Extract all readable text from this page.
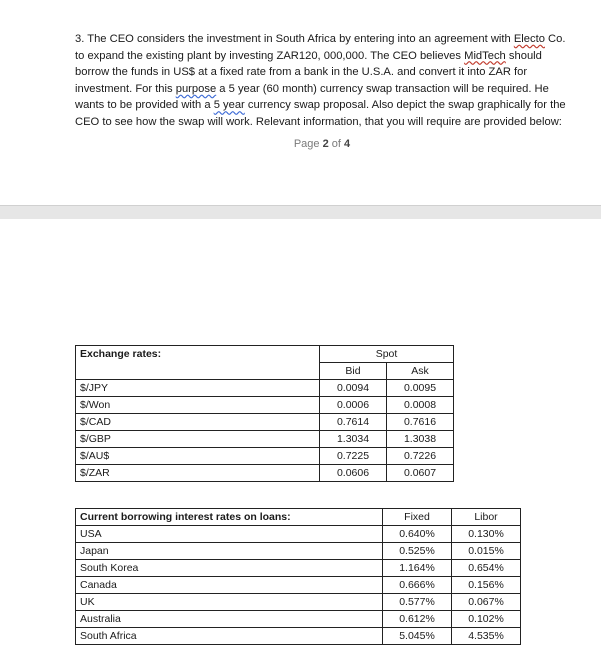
3. The CEO considers the investment in South Africa by entering into an agreement with Electo Co. to expand the existing plant by investing ZAR120, 000,000. The CEO believes MidTech should borrow the funds in US$ at a fixed rate from a bank in the U.S.A. and convert it into ZAR for investment. For this purpose a 5 year (60 month) currency swap transaction will be required. He wants to be provided with a 5 year currency swap proposal. Also depict the swap graphically for the CEO to see how the swap will work. Relevant information, that you will require are provided below:

Page 2 of 4
Exchange rates:	Spot	
	Bid	Ask
$/JPY	0.0094	0.0095
$/Won	0.0006	0.0008
$/CAD	0.7614	0.7616
$/GBP	1.3034	1.3038
$/AU$	0.7225	0.7226
$/ZAR	0.0606	0.0607
Current borrowing interest rates on loans:	Fixed	Libor
USA	0.640%	0.130%
Japan	0.525%	0.015%
South Korea	1.164%	0.654%
Canada	0.666%	0.156%
UK	0.577%	0.067%
Australia	0.612%	0.102%
South Africa	5.045%	4.535%
